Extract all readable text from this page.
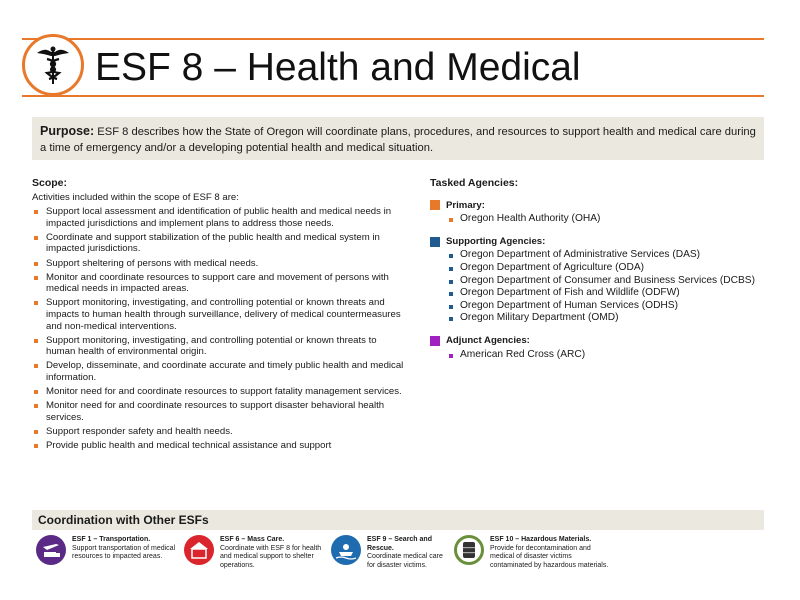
ESF 8 – Health and Medical
Purpose: ESF 8 describes how the State of Oregon will coordinate plans, procedures, and resources to support health and medical care during a time of emergency and/or a developing potential health and medical situation.
Scope:
Activities included within the scope of ESF 8 are:
Support local assessment and identification of public health and medical needs in impacted jurisdictions and implement plans to address those needs.
Coordinate and support stabilization of the public health and medical system in impacted jurisdictions.
Support sheltering of persons with medical needs.
Monitor and coordinate resources to support care and movement of persons with medical needs in impacted areas.
Support monitoring, investigating, and controlling potential or known threats and impacts to human health through surveillance, delivery of medical countermeasures and non-medical interventions.
Support monitoring, investigating, and controlling potential or known threats to human health of environmental origin.
Develop, disseminate, and coordinate accurate and timely public health and medical information.
Monitor need for and coordinate resources to support fatality management services.
Monitor need for and coordinate resources to support disaster behavioral health services.
Support responder safety and health needs.
Provide public health and medical technical assistance and support
Tasked Agencies:
Primary:
Oregon Health Authority (OHA)
Supporting Agencies:
Oregon Department of Administrative Services (DAS)
Oregon Department of Agriculture (ODA)
Oregon Department of Consumer and Business Services (DCBS)
Oregon Department of Fish and Wildlife (ODFW)
Oregon Department of Human Services (ODHS)
Oregon Military Department (OMD)
Adjunct Agencies:
American Red Cross (ARC)
Coordination with Other ESFs
ESF 1 – Transportation.
Support transportation of medical resources to impacted areas.
ESF 6 – Mass Care.
Coordinate with ESF 8 for health and medical support to shelter operations.
ESF 9 – Search and Rescue.
Coordinate medical care for disaster victims.
ESF 10 – Hazardous Materials.
Provide for decontamination and medical of disaster victims contaminated by hazardous materials.
